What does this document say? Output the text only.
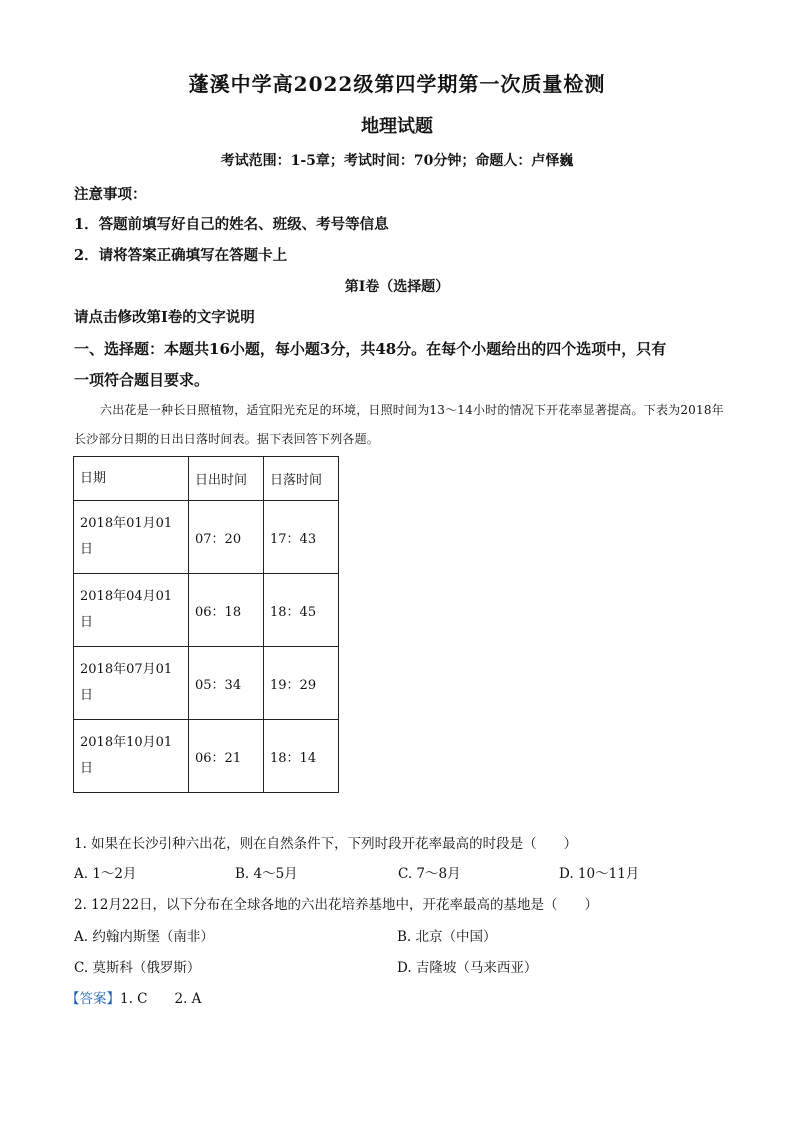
蓬溪中学高2022级第四学期第一次质量检测
地理试题
考试范围：1-5章；考试时间：70分钟；命题人：卢怿巍
注意事项：
1．答题前填写好自己的姓名、班级、考号等信息
2．请将答案正确填写在答题卡上
第I卷（选择题）
请点击修改第I卷的文字说明
一、选择题：本题共16小题，每小题3分，共48分。在每个小题给出的四个选项中，只有
一项符合题目要求。
六出花是一种长日照植物，适宜阳光充足的环境，日照时间为13～14小时的情况下开花率显著提高。下表为2018年长沙部分日期的日出日落时间表。据下表回答下列各题。
日期	日出时间	日落时间
2018年01月01日	07：20	17：43
2018年04月01日	06：18	18：45
2018年07月01日	05：34	19：29
2018年10月01日	06：21	18：14
1. 如果在长沙引种六出花，则在自然条件下，下列时段开花率最高的时段是（　　）
A. 1～2月	B. 4～5月	C. 7～8月	D. 10～11月
2. 12月22日，以下分布在全球各地的六出花培养基地中，开花率最高的基地是（　　）
A. 约翰内斯堡（南非）	B. 北京（中国）
C. 莫斯科（俄罗斯）	D. 吉隆坡（马来西亚）
【答案】1. C　　2. A
